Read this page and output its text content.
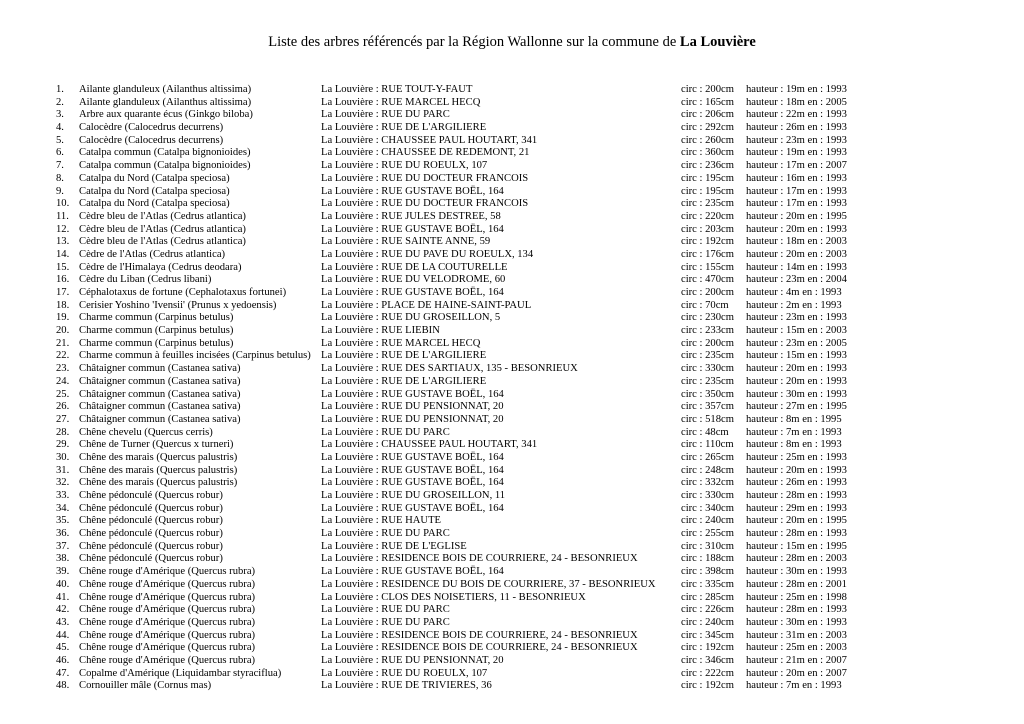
Liste des arbres référencés par la Région Wallonne sur la commune de La Louvière
1. Ailante glanduleux (Ailanthus altissima)	La Louvière : RUE TOUT-Y-FAUT	circ : 200cm hauteur : 19m en : 1993
2. Ailante glanduleux (Ailanthus altissima)	La Louvière : RUE MARCEL HECQ	circ : 165cm hauteur : 18m en : 2005
3. Arbre aux quarante écus (Ginkgo biloba)	La Louvière : RUE DU PARC	circ : 206cm hauteur : 22m en : 1993
4. Calocèdre (Calocedrus decurrens)	La Louvière : RUE DE L'ARGILIERE	circ : 292cm hauteur : 26m en : 1993
5. Calocèdre (Calocedrus decurrens)	La Louvière : CHAUSSEE PAUL HOUTART, 341	circ : 260cm hauteur : 23m en : 1993
6. Catalpa commun (Catalpa bignonioides)	La Louvière : CHAUSSEE DE REDEMONT, 21	circ : 360cm hauteur : 19m en : 1993
7. Catalpa commun (Catalpa bignonioides)	La Louvière : RUE DU ROEULX, 107	circ : 236cm hauteur : 17m en : 2007
8. Catalpa du Nord (Catalpa speciosa)	La Louvière : RUE DU DOCTEUR FRANCOIS	circ : 195cm hauteur : 16m en : 1993
9. Catalpa du Nord (Catalpa speciosa)	La Louvière : RUE GUSTAVE BOËL, 164	circ : 195cm hauteur : 17m en : 1993
10. Catalpa du Nord (Catalpa speciosa)	La Louvière : RUE DU DOCTEUR FRANCOIS	circ : 235cm hauteur : 17m en : 1993
11. Cèdre bleu de l'Atlas (Cedrus atlantica)	La Louvière : RUE JULES DESTREE, 58	circ : 220cm hauteur : 20m en : 1995
12. Cèdre bleu de l'Atlas (Cedrus atlantica)	La Louvière : RUE GUSTAVE BOËL, 164	circ : 203cm hauteur : 20m en : 1993
13. Cèdre bleu de l'Atlas (Cedrus atlantica)	La Louvière : RUE SAINTE ANNE, 59	circ : 192cm hauteur : 18m en : 2003
14. Cèdre de l'Atlas (Cedrus atlantica)	La Louvière : RUE DU PAVE DU ROEULX, 134	circ : 176cm hauteur : 20m en : 2003
15. Cèdre de l'Himalaya (Cedrus deodara)	La Louvière : RUE DE LA COUTURELLE	circ : 155cm hauteur : 14m en : 1993
16. Cèdre du Liban (Cedrus libani)	La Louvière : RUE DU VELODROME, 60	circ : 470cm hauteur : 23m en : 2004
17. Céphalotaxus de fortune (Cephalotaxus fortunei)	La Louvière : RUE GUSTAVE BOËL, 164	circ : 200cm hauteur : 4m en : 1993
18. Cerisier Yoshino 'Ivensii' (Prunus x yedoensis)	La Louvière : PLACE DE HAINE-SAINT-PAUL	circ : 70cm hauteur : 2m en : 1993
19. Charme commun (Carpinus betulus)	La Louvière : RUE DU GROSEILLON, 5	circ : 230cm hauteur : 23m en : 1993
20. Charme commun (Carpinus betulus)	La Louvière : RUE LIEBIN	circ : 233cm hauteur : 15m en : 2003
21. Charme commun (Carpinus betulus)	La Louvière : RUE MARCEL HECQ	circ : 200cm hauteur : 23m en : 2005
22. Charme commun à feuilles incisées (Carpinus betulus) La Louvière : RUE DE L'ARGILIERE	circ : 235cm hauteur : 15m en : 1993
23. Châtaigner commun (Castanea sativa)	La Louvière : RUE DES SARTIAUX, 135 - BESONRIEUX	circ : 330cm hauteur : 20m en : 1993
24. Châtaigner commun (Castanea sativa)	La Louvière : RUE DE L'ARGILIERE	circ : 235cm hauteur : 20m en : 1993
25. Châtaigner commun (Castanea sativa)	La Louvière : RUE GUSTAVE BOËL, 164	circ : 350cm hauteur : 30m en : 1993
26. Châtaigner commun (Castanea sativa)	La Louvière : RUE DU PENSIONNAT, 20	circ : 357cm hauteur : 27m en : 1995
27. Châtaigner commun (Castanea sativa)	La Louvière : RUE DU PENSIONNAT, 20	circ : 518cm hauteur : 8m en : 1995
28. Chêne chevelu (Quercus cerris)	La Louvière : RUE DU PARC	circ : 48cm hauteur : 7m en : 1993
29. Chêne de Turner (Quercus x turneri)	La Louvière : CHAUSSEE PAUL HOUTART, 341	circ : 110cm hauteur : 8m en : 1993
30. Chêne des marais (Quercus palustris)	La Louvière : RUE GUSTAVE BOËL, 164	circ : 265cm hauteur : 25m en : 1993
31. Chêne des marais (Quercus palustris)	La Louvière : RUE GUSTAVE BOËL, 164	circ : 248cm hauteur : 20m en : 1993
32. Chêne des marais (Quercus palustris)	La Louvière : RUE GUSTAVE BOËL, 164	circ : 332cm hauteur : 26m en : 1993
33. Chêne pédonculé (Quercus robur)	La Louvière : RUE DU GROSEILLON, 11	circ : 330cm hauteur : 28m en : 1993
34. Chêne pédonculé (Quercus robur)	La Louvière : RUE GUSTAVE BOËL, 164	circ : 340cm hauteur : 29m en : 1993
35. Chêne pédonculé (Quercus robur)	La Louvière : RUE HAUTE	circ : 240cm hauteur : 20m en : 1995
36. Chêne pédonculé (Quercus robur)	La Louvière : RUE DU PARC	circ : 255cm hauteur : 28m en : 1993
37. Chêne pédonculé (Quercus robur)	La Louvière : RUE DE L'EGLISE	circ : 310cm hauteur : 15m en : 1995
38. Chêne pédonculé (Quercus robur)	La Louvière : RESIDENCE BOIS DE COURRIERE, 24 - BESONRIEUX	circ : 188cm hauteur : 28m en : 2003
39. Chêne rouge d'Amérique (Quercus rubra)	La Louvière : RUE GUSTAVE BOËL, 164	circ : 398cm hauteur : 30m en : 1993
40. Chêne rouge d'Amérique (Quercus rubra)	La Louvière : RESIDENCE DU BOIS DE COURRIERE, 37 - BESONRIEUX circ : 335cm hauteur : 28m en : 2001
41. Chêne rouge d'Amérique (Quercus rubra)	La Louvière : CLOS DES NOISETIERS, 11 - BESONRIEUX	circ : 285cm hauteur : 25m en : 1998
42. Chêne rouge d'Amérique (Quercus rubra)	La Louvière : RUE DU PARC	circ : 226cm hauteur : 28m en : 1993
43. Chêne rouge d'Amérique (Quercus rubra)	La Louvière : RUE DU PARC	circ : 240cm hauteur : 30m en : 1993
44. Chêne rouge d'Amérique (Quercus rubra)	La Louvière : RESIDENCE BOIS DE COURRIERE, 24 - BESONRIEUX	circ : 345cm hauteur : 31m en : 2003
45. Chêne rouge d'Amérique (Quercus rubra)	La Louvière : RESIDENCE BOIS DE COURRIERE, 24 - BESONRIEUX	circ : 192cm hauteur : 25m en : 2003
46. Chêne rouge d'Amérique (Quercus rubra)	La Louvière : RUE DU PENSIONNAT, 20	circ : 346cm hauteur : 21m en : 2007
47. Copalme d'Amérique (Liquidambar styraciflua)	La Louvière : RUE DU ROEULX, 107	circ : 222cm hauteur : 20m en : 2007
48. Cornouiller mâle (Cornus mas)	La Louvière : RUE DE TRIVIERES, 36	circ : 192cm hauteur : 7m en : 1993
